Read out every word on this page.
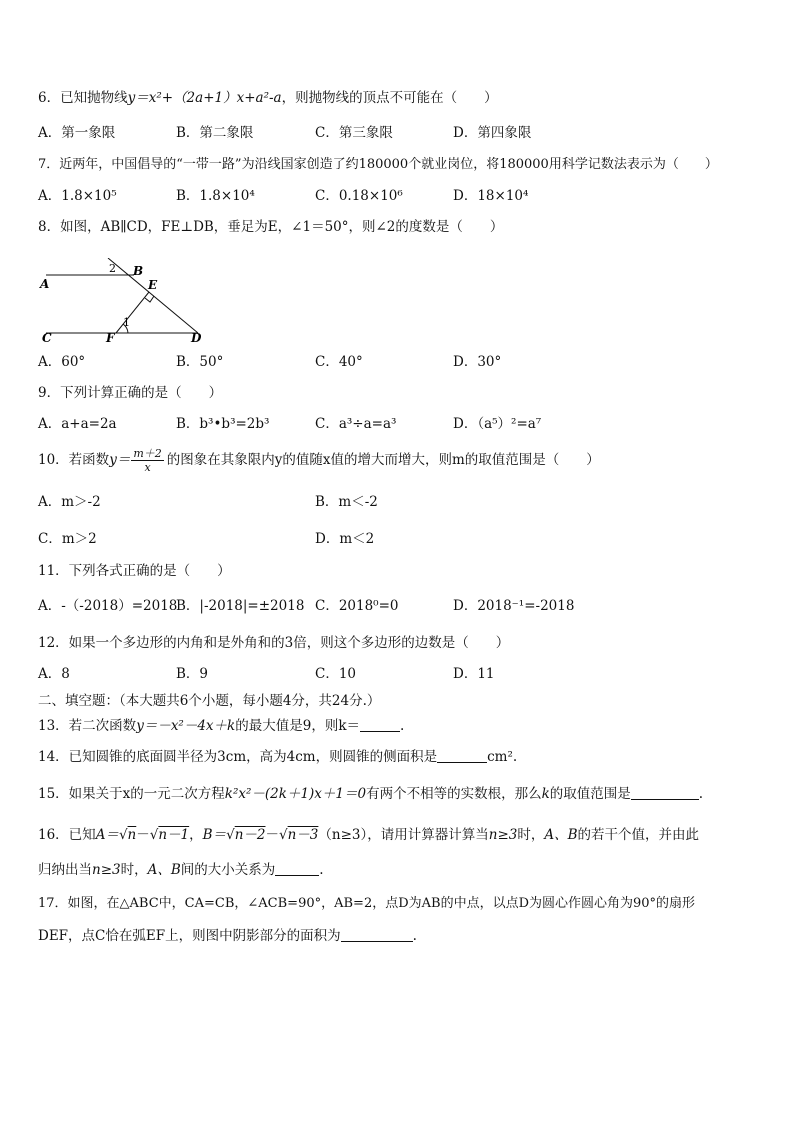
6．已知抛物线y＝x²+（2a+1）x+a²-a，则抛物线的顶点不可能在（　　）
A．第一象限	B．第二象限	C．第三象限	D．第四象限
7．近两年，中国倡导的“一带一路”为沿线国家创造了约180000个就业岗位，将180000用科学记数法表示为（　　）
A．1.8×10⁵	B．1.8×10⁴	C．0.18×10⁶	D．18×10⁴
8．如图，AB∥CD，FE⊥DB，垂足为E，∠1＝50°，则∠2的度数是（　　）
A
B
C	D
E
F
1
2
A．60°	B．50°	C．40°	D．30°
9．下列计算正确的是（　　）
A．a+a=2a	B．b³•b³=2b³	C．a³÷a=a³	D．（a⁵）²=a⁷
10．若函数$y= \frac{m+2}{x}$ 的图象在其象限内y的值随x值的增大而增大，则m的取值范围是（　　）
A．m＞-2	B．m＜-2
C．m＞2	D．m＜2
11．下列各式正确的是（　　）
A．-（-2018）=2018
B．|-2018|=±2018 C．2018⁰=0	D．2018⁻¹=-2018
12．如果一个多边形的内角和是外角和的3倍，则这个多边形的边数是（　　）
A．8	B．9	C．10	D．11
二、填空题：（本大题共6个小题，每小题4分，共24分.）
13．若二次函数y＝－x²－4x＋k的最大值是9，则k＝	.
14．已知圆锥的底面圆半径为3cm，高为4cm，则圆锥的侧面积是	cm².
15．如果关于x的一元二次方程k²x²－(2k＋1)x＋1＝0有两个不相等的实数根，那么k的取值范围是	.
16．已知A＝√n－√n－1，B＝√n－2－√n－3（n≥3），请用计算器计算当n≥3时，A、B的若干个值，并由此
归纳出当n≥3时，A、B间的大小关系为	.
17．如图，在△ABC中，CA=CB，∠ACB=90°，AB=2，点D为AB的中点，以点D为圆心作圆心角为90°的扇形
DEF，点C恰在弧EF上，则图中阴影部分的面积为	.
